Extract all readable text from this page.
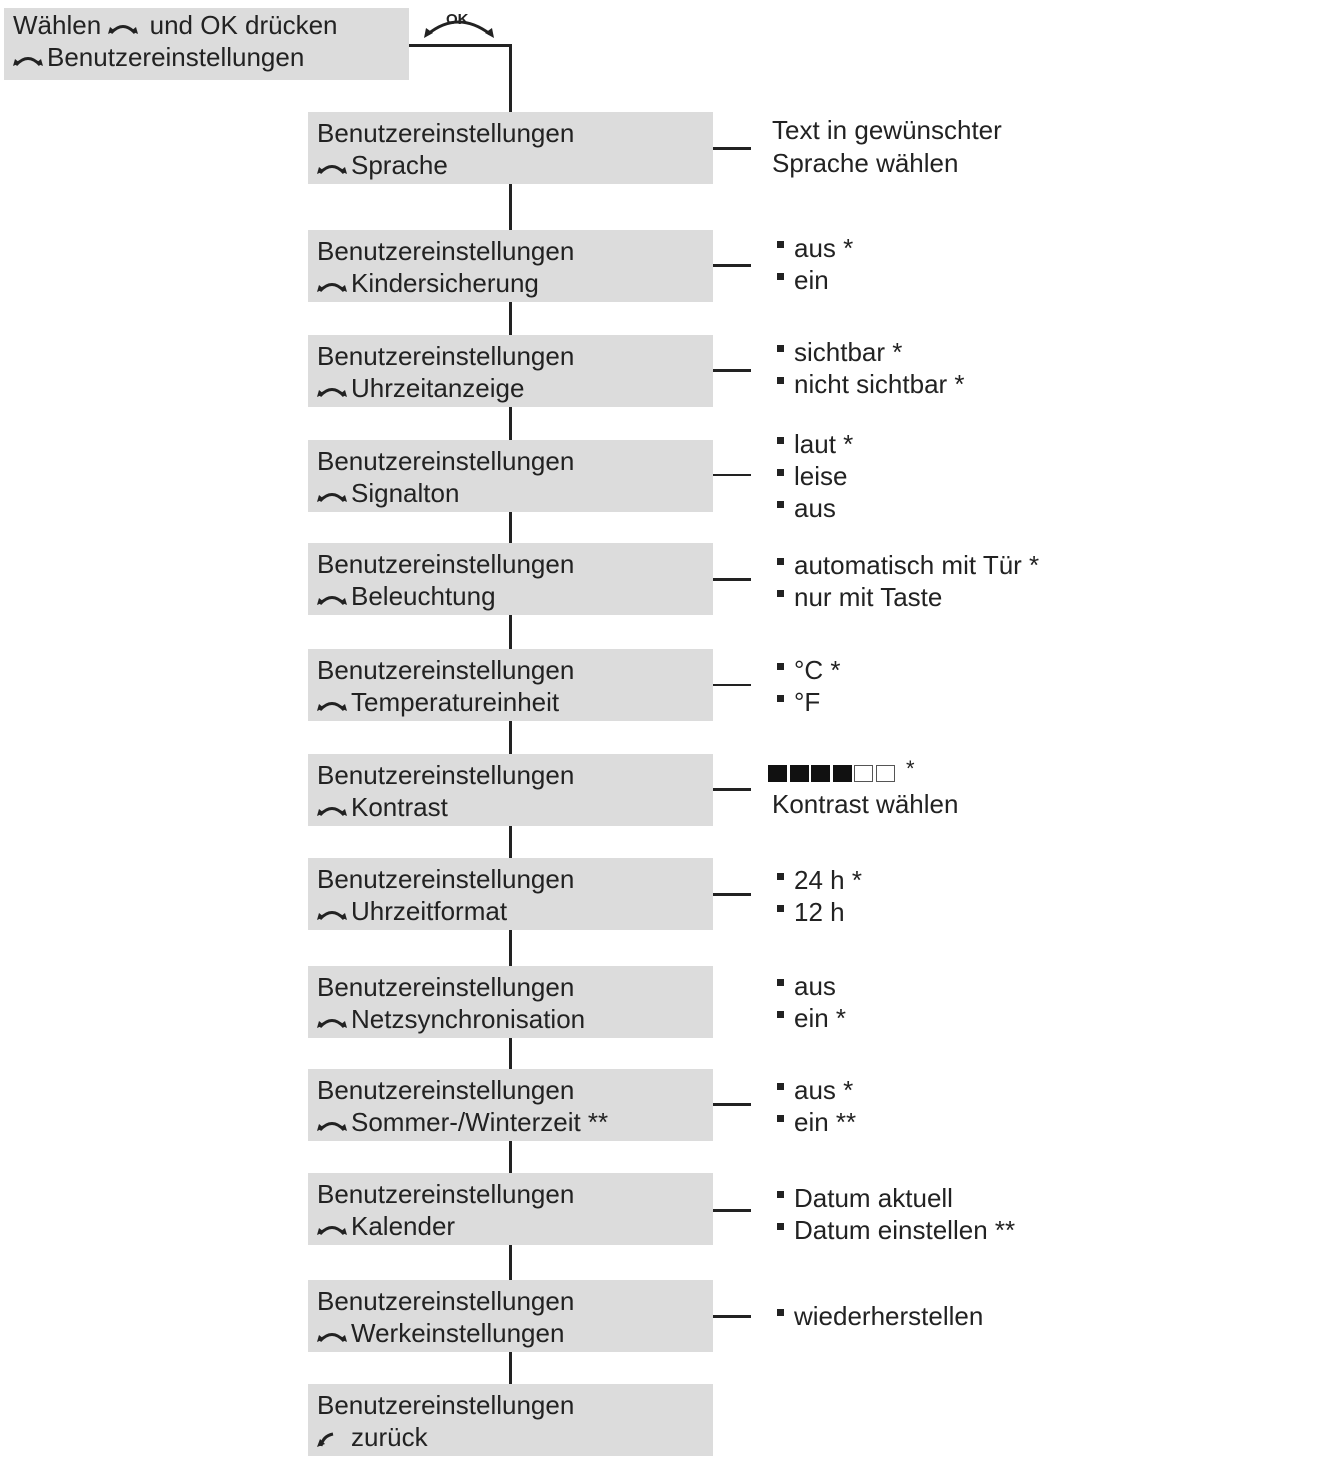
OK
Wählen und OK drücken
Benutzereinstellungen
Benutzereinstellungen
Sprache
Benutzereinstellungen
Kindersicherung
Benutzereinstellungen
Uhrzeitanzeige
Benutzereinstellungen
Signalton
Benutzereinstellungen
Beleuchtung
Benutzereinstellungen
Temperatureinheit
Benutzereinstellungen
Kontrast
Benutzereinstellungen
Uhrzeitformat
Benutzereinstellungen
Netzsynchronisation
Benutzereinstellungen
Sommer-/Winterzeit **
Benutzereinstellungen
Kalender
Benutzereinstellungen
Werkeinstellungen
Benutzereinstellungen
zurück
Text in gewünschter
Sprache wählen
aus *
ein
sichtbar *
nicht sichtbar *
laut *
leise
aus
automatisch mit Tür *
nur mit Taste
°C *
°F
*
Kontrast wählen
24 h *
12 h
aus
ein *
aus *
ein **
Datum aktuell
Datum einstellen **
wiederherstellen
